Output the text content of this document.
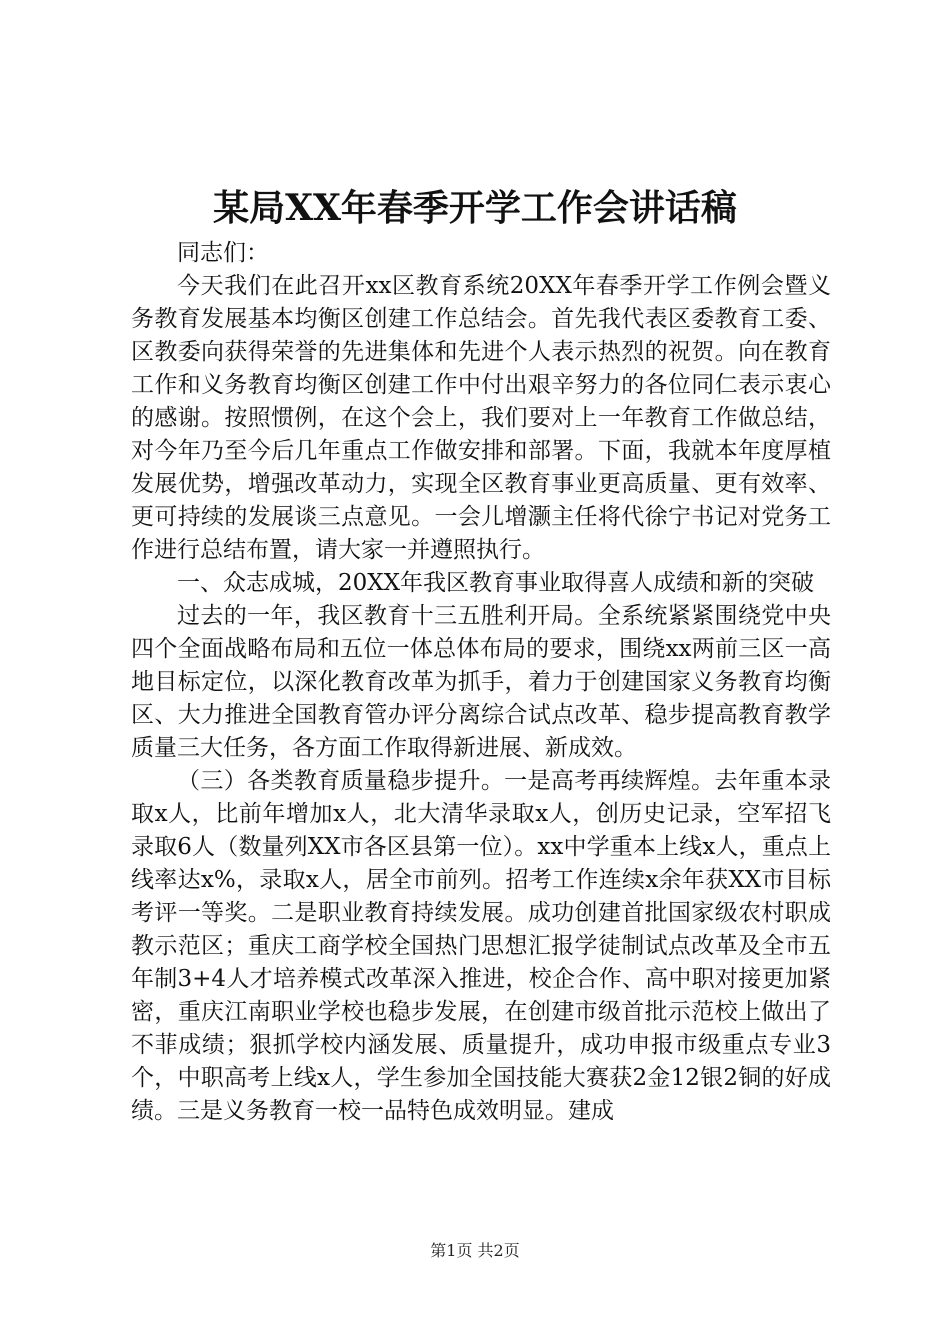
某局XX年春季开学工作会讲话稿

同志们：

今天我们在此召开xx区教育系统20XX年春季开学工作例会暨义务教育发展基本均衡区创建工作总结会。首先我代表区委教育工委、区教委向获得荣誉的先进集体和先进个人表示热烈的祝贺。向在教育工作和义务教育均衡区创建工作中付出艰辛努力的各位同仁表示衷心的感谢。按照惯例，在这个会上，我们要对上一年教育工作做总结，对今年乃至今后几年重点工作做安排和部署。下面，我就本年度厚植发展优势，增强改革动力，实现全区教育事业更高质量、更有效率、更可持续的发展谈三点意见。一会儿增灏主任将代徐宁书记对党务工作进行总结布置，请大家一并遵照执行。

一、众志成城，20XX年我区教育事业取得喜人成绩和新的突破

过去的一年，我区教育十三五胜利开局。全系统紧紧围绕党中央四个全面战略布局和五位一体总体布局的要求，围绕xx两前三区一高地目标定位，以深化教育改革为抓手，着力于创建国家义务教育均衡区、大力推进全国教育管办评分离综合试点改革、稳步提高教育教学质量三大任务，各方面工作取得新进展、新成效。

（三）各类教育质量稳步提升。一是高考再续辉煌。去年重本录取x人，比前年增加x人，北大清华录取x人，创历史记录，空军招飞录取6人（数量列XX市各区县第一位）。xx中学重本上线x人，重点上线率达x%，录取x人，居全市前列。招考工作连续x余年获XX市目标考评一等奖。二是职业教育持续发展。成功创建首批国家级农村职成教示范区；重庆工商学校全国热门思想汇报学徒制试点改革及全市五年制3+4人才培养模式改革深入推进，校企合作、高中职对接更加紧密，重庆江南职业学校也稳步发展，在创建市级首批示范校上做出了不菲成绩；狠抓学校内涵发展、质量提升，成功申报市级重点专业3个，中职高考上线x人，学生参加全国技能大赛获2金12银2铜的好成绩。三是义务教育一校一品特色成效明显。建成

第1页 共2页
